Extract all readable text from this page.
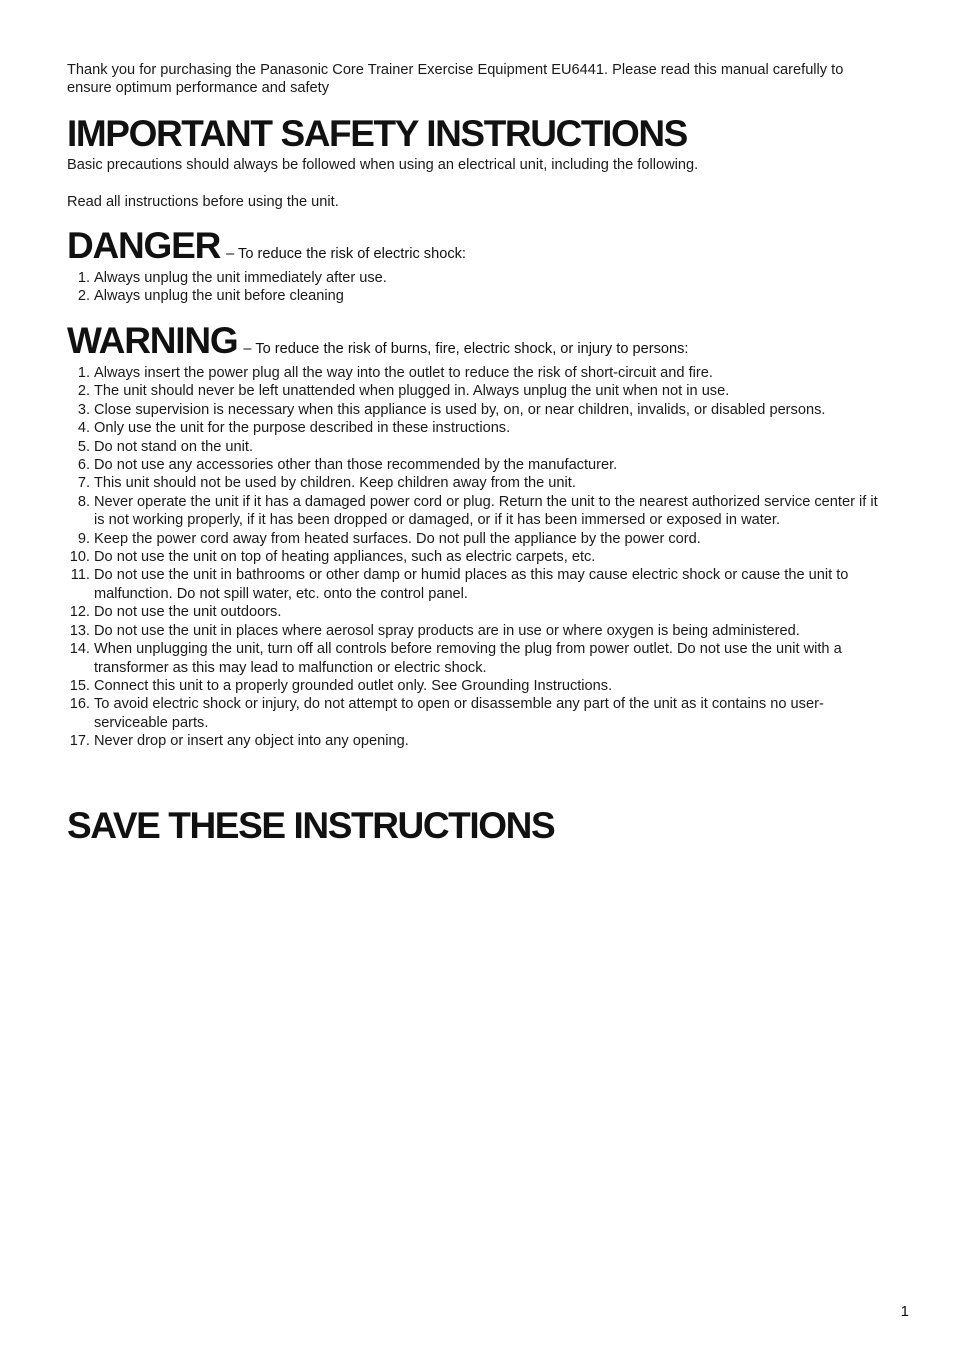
Thank you for purchasing the Panasonic Core Trainer Exercise Equipment EU6441. Please read this manual carefully to ensure optimum performance and safety

IMPORTANT SAFETY INSTRUCTIONS

Basic precautions should always be followed when using an electrical unit, including the following.

Read all instructions before using the unit.

DANGER – To reduce the risk of electric shock:
1. Always unplug the unit immediately after use.
2. Always unplug the unit before cleaning
WARNING – To reduce the risk of burns, fire, electric shock, or injury to persons:
1. Always insert the power plug all the way into the outlet to reduce the risk of short-circuit and fire.
2. The unit should never be left unattended when plugged in. Always unplug the unit when not in use.
3. Close supervision is necessary when this appliance is used by, on, or near children, invalids, or disabled persons.
4. Only use the unit for the purpose described in these instructions.
5. Do not stand on the unit.
6. Do not use any accessories other than those recommended by the manufacturer.
7. This unit should not be used by children. Keep children away from the unit.
8. Never operate the unit if it has a damaged power cord or plug. Return the unit to the nearest authorized service center if it is not working properly, if it has been dropped or damaged, or if it has been immersed or exposed in water.
9. Keep the power cord away from heated surfaces. Do not pull the appliance by the power cord.
10. Do not use the unit on top of heating appliances, such as electric carpets, etc.
11. Do not use the unit in bathrooms or other damp or humid places as this may cause electric shock or cause the unit to malfunction. Do not spill water, etc. onto the control panel.
12. Do not use the unit outdoors.
13. Do not use the unit in places where aerosol spray products are in use or where oxygen is being administered.
14. When unplugging the unit, turn off all controls before removing the plug from power outlet. Do not use the unit with a transformer as this may lead to malfunction or electric shock.
15. Connect this unit to a properly grounded outlet only. See Grounding Instructions.
16. To avoid electric shock or injury, do not attempt to open or disassemble any part of the unit as it contains no user-serviceable parts.
17. Never drop or insert any object into any opening.
SAVE THESE INSTRUCTIONS
1
